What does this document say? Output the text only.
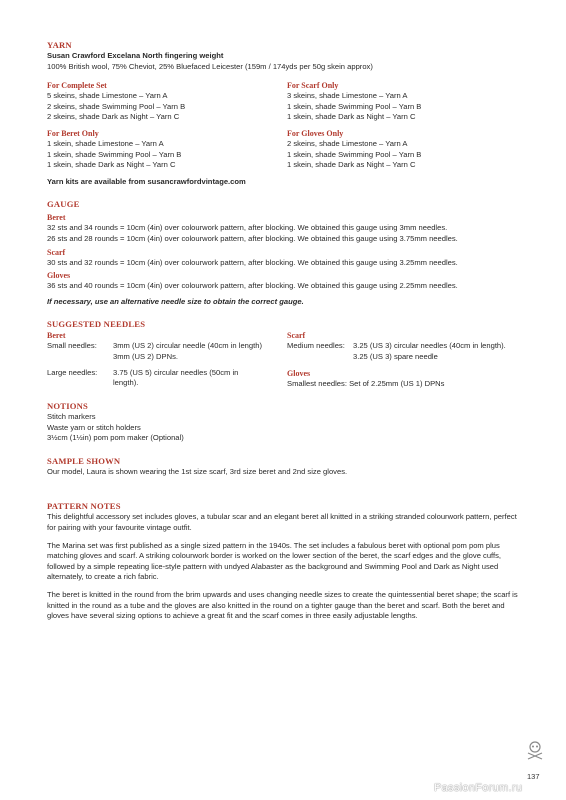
YARN
Susan Crawford Excelana North fingering weight
100% British wool, 75% Cheviot, 25% Bluefaced Leicester (159m / 174yds per 50g skein approx)
For Complete Set
5 skeins, shade Limestone – Yarn A
2 skeins, shade Swimming Pool – Yarn B
2 skeins, shade Dark as Night – Yarn C
For Scarf Only
3 skeins, shade Limestone – Yarn A
1 skein, shade Swimming Pool – Yarn B
1 skein, shade Dark as Night – Yarn C
For Beret Only
1 skein, shade Limestone – Yarn A
1 skein, shade Swimming Pool – Yarn B
1 skein, shade Dark as Night – Yarn C
For Gloves Only
2 skeins, shade Limestone – Yarn A
1 skein, shade Swimming Pool – Yarn B
1 skein, shade Dark as Night – Yarn C
Yarn kits are available from susancrawfordvintage.com
GAUGE
Beret
32 sts and 34 rounds = 10cm (4in) over colourwork pattern, after blocking. We obtained this gauge using 3mm needles.
26 sts and 28 rounds = 10cm (4in) over colourwork pattern, after blocking. We obtained this gauge using 3.75mm needles.
Scarf
30 sts and 32 rounds = 10cm (4in) over colourwork pattern, after blocking. We obtained this gauge using 3.25mm needles.
Gloves
36 sts and 40 rounds = 10cm (4in) over colourwork pattern, after blocking. We obtained this gauge using 2.25mm needles.
If necessary, use an alternative needle size to obtain the correct gauge.
SUGGESTED NEEDLES
Beret
Small needles:	3mm (US 2) circular needle (40cm in length)
3mm (US 2) DPNs.
Large needles:	3.75 (US 5) circular needles (50cm in
length).
Scarf
Medium needles:	3.25 (US 3) circular needles (40cm in length).
3.25 (US 3) spare needle
Gloves
Smallest needles: Set of 2.25mm (US 1) DPNs
NOTIONS
Stitch markers
Waste yarn or stitch holders
3½cm (1½in) pom pom maker (Optional)
SAMPLE SHOWN
Our model, Laura is shown wearing the 1st size scarf, 3rd size beret and 2nd size gloves.
PATTERN NOTES
This delightful accessory set includes gloves, a tubular scar and an elegant beret all knitted in a striking stranded colourwork pattern, perfect for pairing with your favourite vintage outfit.
The Marina set was first published as a single sized pattern in the 1940s. The set includes a fabulous beret with optional pom pom plus matching gloves and scarf. A striking colourwork border is worked on the lower section of the beret, the scarf edges and the glove cuffs, followed by a simple repeating lice-style pattern with undyed Alabaster as the background and Swimming Pool and Dark as Night used alternately, to create a rich fabric.
The beret is knitted in the round from the brim upwards and uses changing needle sizes to create the quintessential beret shape; the scarf is knitted in the round as a tube and the gloves are also knitted in the round on a tighter gauge than the beret and scarf. Both the beret and gloves have several sizing options to achieve a great fit and the scarf comes in three easily adjustable lengths.
137
PassionForum.ru
